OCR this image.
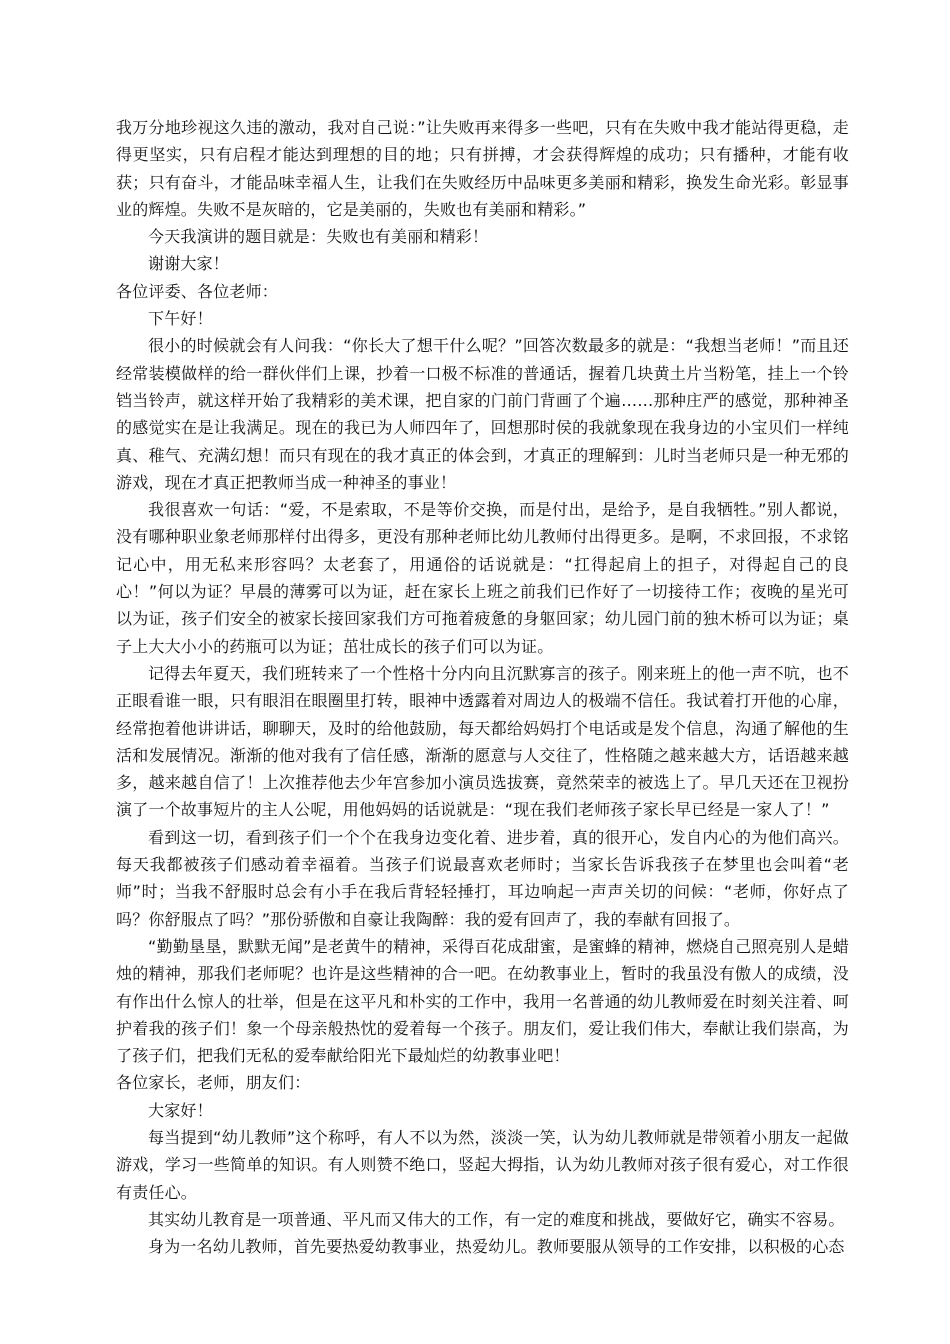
我万分地珍视这久违的激动，我对自己说：”让失败再来得多一些吧，只有在失败中我才能站得更稳，走得更坚实，只有启程才能达到理想的目的地；只有拼搏，才会获得辉煌的成功；只有播种，才能有收获；只有奋斗，才能品味幸福人生，让我们在失败经历中品味更多美丽和精彩，换发生命光彩。彰显事业的辉煌。失败不是灰暗的，它是美丽的，失败也有美丽和精彩。”

今天我演讲的题目就是：失败也有美丽和精彩！

谢谢大家！

各位评委、各位老师：

下午好！

很小的时候就会有人问我：“你长大了想干什么呢？”回答次数最多的就是：“我想当老师！”而且还经常装模做样的给一群伙伴们上课，抄着一口极不标准的普通话，握着几块黄土片当粉笔，挂上一个铃铛当铃声，就这样开始了我精彩的美术课，把自家的门前门背画了个遍……那种庄严的感觉，那种神圣的感觉实在是让我满足。现在的我已为人师四年了，回想那时侯的我就象现在我身边的小宝贝们一样纯真、稚气、充满幻想！而只有现在的我才真正的体会到，才真正的理解到：儿时当老师只是一种无邪的游戏，现在才真正把教师当成一种神圣的事业！

我很喜欢一句话：“爱，不是索取，不是等价交换，而是付出，是给予，是自我牺牲。”别人都说，没有哪种职业象老师那样付出得多，更没有那种老师比幼儿教师付出得更多。是啊，不求回报，不求铭记心中，用无私来形容吗？太老套了，用通俗的话说就是：“扛得起肩上的担子，对得起自己的良心！”何以为证？早晨的薄雾可以为证，赶在家长上班之前我们已作好了一切接待工作；夜晚的星光可以为证，孩子们安全的被家长接回家我们方可拖着疲惫的身躯回家；幼儿园门前的独木桥可以为证；桌子上大大小小的药瓶可以为证；茁壮成长的孩子们可以为证。

记得去年夏天，我们班转来了一个性格十分内向且沉默寡言的孩子。刚来班上的他一声不吭，也不正眼看谁一眼，只有眼泪在眼圈里打转，眼神中透露着对周边人的极端不信任。我试着打开他的心扉，经常抱着他讲讲话，聊聊天，及时的给他鼓励，每天都给妈妈打个电话或是发个信息，沟通了解他的生活和发展情况。渐渐的他对我有了信任感，渐渐的愿意与人交往了，性格随之越来越大方，话语越来越多，越来越自信了！上次推荐他去少年宫参加小演员选拔赛，竟然荣幸的被选上了。早几天还在卫视扮演了一个故事短片的主人公呢，用他妈妈的话说就是：“现在我们老师孩子家长早已经是一家人了！”

看到这一切，看到孩子们一个个在我身边变化着、进步着，真的很开心，发自内心的为他们高兴。每天我都被孩子们感动着幸福着。当孩子们说最喜欢老师时；当家长告诉我孩子在梦里也会叫着“老师”时；当我不舒服时总会有小手在我后背轻轻捶打，耳边响起一声声关切的问候：“老师，你好点了吗？你舒服点了吗？”那份骄傲和自豪让我陶醉：我的爱有回声了，我的奉献有回报了。

“勤勤垦垦，默默无闻”是老黄牛的精神，采得百花成甜蜜，是蜜蜂的精神，燃烧自己照亮别人是蜡烛的精神，那我们老师呢？也许是这些精神的合一吧。在幼教事业上，暂时的我虽没有傲人的成绩，没有作出什么惊人的壮举，但是在这平凡和朴实的工作中，我用一名普通的幼儿教师爱在时刻关注着、呵护着我的孩子们！象一个母亲般热忱的爱着每一个孩子。朋友们，爱让我们伟大，奉献让我们崇高，为了孩子们，把我们无私的爱奉献给阳光下最灿烂的幼教事业吧！

各位家长，老师，朋友们：

大家好！

每当提到“幼儿教师”这个称呼，有人不以为然，淡淡一笑，认为幼儿教师就是带领着小朋友一起做游戏，学习一些简单的知识。有人则赞不绝口，竖起大拇指，认为幼儿教师对孩子很有爱心，对工作很有责任心。

其实幼儿教育是一项普通、平凡而又伟大的工作，有一定的难度和挑战，要做好它，确实不容易。

身为一名幼儿教师，首先要热爱幼教事业，热爱幼儿。教师要服从领导的工作安排，以积极的心态
